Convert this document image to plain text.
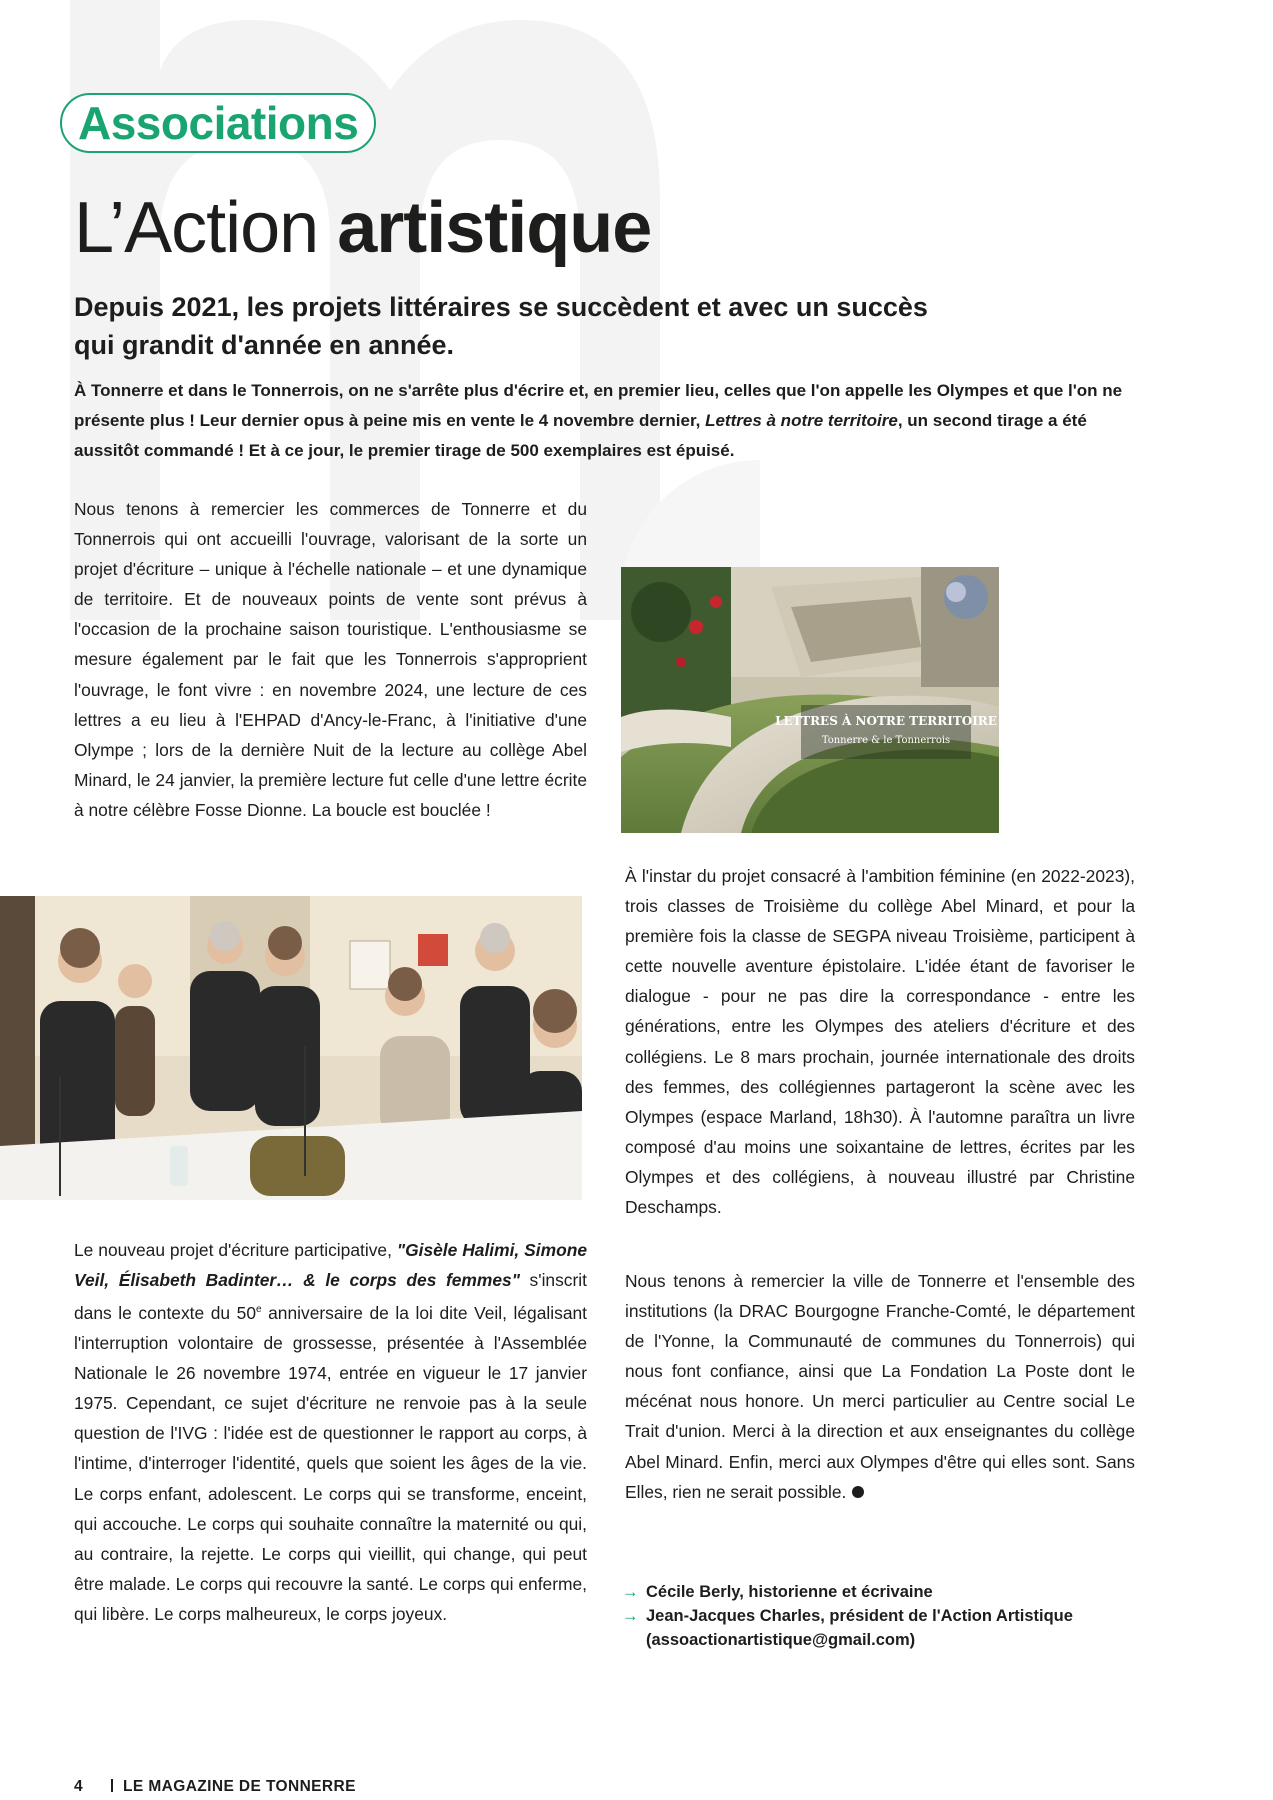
Associations
L’Action artistique
Depuis 2021, les projets littéraires se succèdent et avec un succès
qui grandit d'année en année.

À Tonnerre et dans le Tonnerrois, on ne s'arrête plus d'écrire et, en premier lieu, celles que l'on appelle les Olympes et que l'on ne présente plus ! Leur dernier opus à peine mis en vente le 4 novembre dernier, Lettres à notre territoire, un second tirage a été aussitôt commandé ! Et à ce jour, le premier tirage de 500 exemplaires est épuisé.

Nous tenons à remercier les commerces de Tonnerre et du Tonnerrois qui ont accueilli l'ouvrage, valorisant de la sorte un projet d'écriture – unique à l'échelle nationale – et une dynamique de territoire. Et de nouveaux points de vente sont prévus à l'occasion de la prochaine saison touristique. L'enthousiasme se mesure également par le fait que les Tonnerrois s'approprient l'ouvrage, le font vivre : en novembre 2024, une lecture de ces lettres a eu lieu à l'EHPAD d'Ancy-le-Franc, à l'initiative d'une Olympe ; lors de la dernière Nuit de la lecture au collège Abel Minard, le 24 janvier, la première lecture fut celle d'une lettre écrite à notre célèbre Fosse Dionne. La boucle est bouclée !

LETTRES À NOTRE TERRITOIRE
Tonnerre & le Tonnerrois

Le nouveau projet d'écriture participative, "Gisèle Halimi, Simone Veil, Élisabeth Badinter… & le corps des femmes" s'inscrit dans le contexte du 50e anniversaire de la loi dite Veil, légalisant l'interruption volontaire de grossesse, présentée à l'Assemblée Nationale le 26 novembre 1974, entrée en vigueur le 17 janvier 1975. Cependant, ce sujet d'écriture ne renvoie pas à la seule question de l'IVG : l'idée est de questionner le rapport au corps, à l'intime, d'interroger l'identité, quels que soient les âges de la vie. Le corps enfant, adolescent. Le corps qui se transforme, enceint, qui accouche. Le corps qui souhaite connaître la maternité ou qui, au contraire, la rejette. Le corps qui vieillit, qui change, qui peut être malade. Le corps qui recouvre la santé. Le corps qui enferme, qui libère. Le corps malheureux, le corps joyeux.

À l'instar du projet consacré à l'ambition féminine (en 2022-2023), trois classes de Troisième du collège Abel Minard, et pour la première fois la classe de SEGPA niveau Troisième, participent à cette nouvelle aventure épistolaire. L'idée étant de favoriser le dialogue - pour ne pas dire la correspondance - entre les générations, entre les Olympes des ateliers d'écriture et des collégiens. Le 8 mars prochain, journée internationale des droits des femmes, des collégiennes partageront la scène avec les Olympes (espace Marland, 18h30). À l'automne paraîtra un livre composé d'au moins une soixantaine de lettres, écrites par les Olympes et des collégiens, à nouveau illustré par Christine Deschamps.

Nous tenons à remercier la ville de Tonnerre et l'ensemble des institutions (la DRAC Bourgogne Franche-Comté, le département de l'Yonne, la Communauté de communes du Tonnerrois) qui nous font confiance, ainsi que La Fondation La Poste dont le mécénat nous honore. Un merci particulier au Centre social Le Trait d'union. Merci à la direction et aux enseignantes du collège Abel Minard. Enfin, merci aux Olympes d'être qui elles sont. Sans Elles, rien ne serait possible.

→ Cécile Berly, historienne et écrivaine
→ Jean-Jacques Charles, président de l'Action Artistique
(assoactionartistique@gmail.com)
4	LE MAGAZINE DE TONNERRE
